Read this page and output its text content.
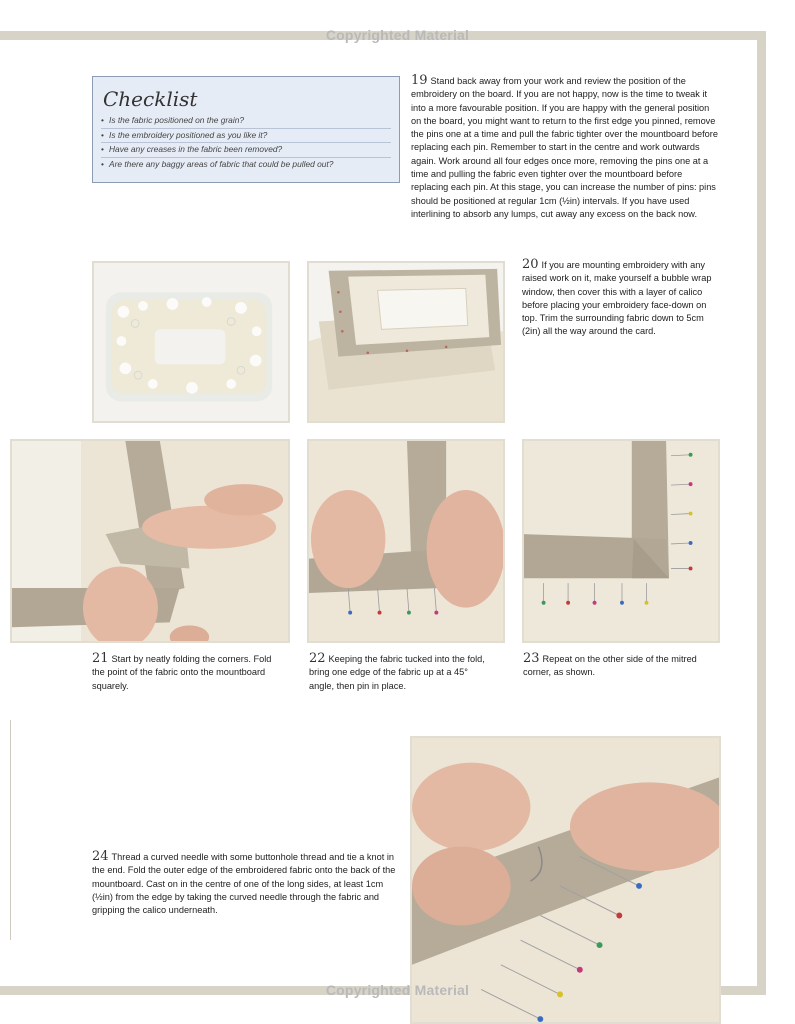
Copyrighted Material
Checklist
• Is the fabric positioned on the grain?
• Is the embroidery positioned as you like it?
• Have any creases in the fabric been removed?
• Are there any baggy areas of fabric that could be pulled out?
19 Stand back away from your work and review the position of the embroidery on the board. If you are not happy, now is the time to tweak it into a more favourable position. If you are happy with the general position on the board, you might want to return to the first edge you pinned, remove the pins one at a time and pull the fabric tighter over the mountboard before replacing each pin. Remember to start in the centre and work outwards again. Work around all four edges once more, removing the pins one at a time and pulling the fabric even tighter over the mountboard before replacing each pin. At this stage, you can increase the number of pins: pins should be positioned at regular 1cm (½in) intervals. If you have used interlining to absorb any lumps, cut away any excess on the back now.
20 If you are mounting embroidery with any raised work on it, make yourself a bubble wrap window, then cover this with a layer of calico before placing your embroidery face-down on top. Trim the surrounding fabric down to 5cm (2in) all the way around the card.
21 Start by neatly folding the corners. Fold the point of the fabric onto the mountboard squarely.
22 Keeping the fabric tucked into the fold, bring one edge of the fabric up at a 45° angle, then pin in place.
23 Repeat on the other side of the mitred corner, as shown.
24 Thread a curved needle with some buttonhole thread and tie a knot in the end. Fold the outer edge of the embroidered fabric onto the back of the mountboard. Cast on in the centre of one of the long sides, at least 1cm (½in) from the edge by taking the curved needle through the fabric and gripping the calico underneath.
Copyrighted Material
